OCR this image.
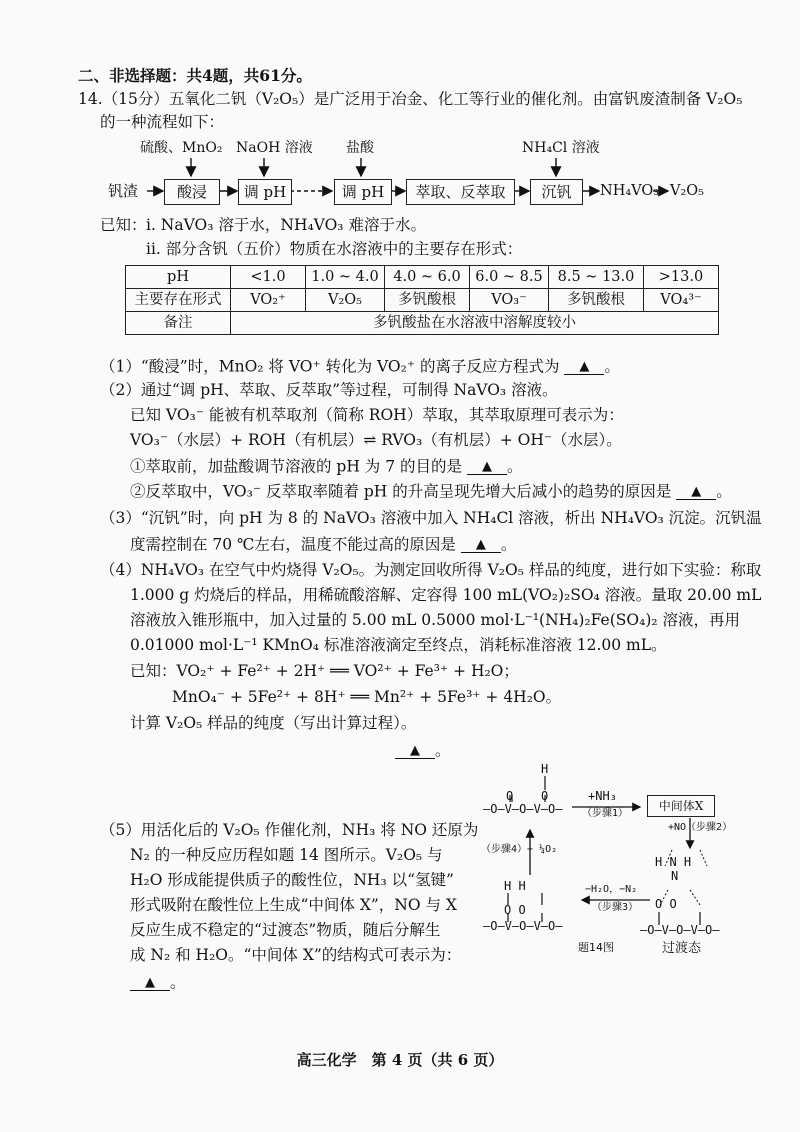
二、非选择题：共4题，共61分。
14.（15分）五氧化二钒（V₂O₅）是广泛用于冶金、化工等行业的催化剂。由富钒废渣制备 V₂O₅
的一种流程如下：
硫酸、MnO₂ NaOH 溶液 盐酸	NH₄Cl 溶液
钒渣	酸浸	调 pH	调 pH	萃取、反萃取	沉钒	NH₄VO₃ V₂O₅
已知： ⅰ. NaVO₃ 溶于水，NH₄VO₃ 难溶于水。
ⅱ. 部分含钒（五价）物质在水溶液中的主要存在形式：
pH	<1.0	1.0 ~ 4.0	4.0 ~ 6.0	6.0 ~ 8.5	8.5 ~ 13.0	>13.0
主要存在形式	VO₂⁺	V₂O₅	多钒酸根	VO₃⁻	多钒酸根	VO₄³⁻
备注	多钒酸盐在水溶液中溶解度较小					
（1）“酸浸”时，MnO₂ 将 VO⁺ 转化为 VO₂⁺ 的离子反应方程式为 ▲ 。
（2）通过“调 pH、萃取、反萃取”等过程，可制得 NaVO₃ 溶液。
已知 VO₃⁻ 能被有机萃取剂（简称 ROH）萃取，其萃取原理可表示为：
VO₃⁻（水层）+ ROH（有机层）⇌ RVO₃（有机层）+ OH⁻（水层）。
①萃取前，加盐酸调节溶液的 pH 为 7 的目的是 ▲ 。
②反萃取中，VO₃⁻ 反萃取率随着 pH 的升高呈现先增大后减小的趋势的原因是 ▲ 。
（3）“沉钒”时，向 pH 为 8 的 NaVO₃ 溶液中加入 NH₄Cl 溶液，析出 NH₄VO₃ 沉淀。沉钒温
度需控制在 70 ℃左右，温度不能过高的原因是 ▲ 。
（4）NH₄VO₃ 在空气中灼烧得 V₂O₅。为测定回收所得 V₂O₅ 样品的纯度，进行如下实验：称取
1.000 g 灼烧后的样品，用稀硫酸溶解、定容得 100 mL(VO₂)₂SO₄ 溶液。量取 20.00 mL
溶液放入锥形瓶中，加入过量的 5.00 mL 0.5000 mol·L⁻¹(NH₄)₂Fe(SO₄)₂ 溶液，再用
0.01000 mol·L⁻¹ KMnO₄ 标准溶液滴定至终点，消耗标准溶液 12.00 mL。
已知：VO₂⁺ + Fe²⁺ + 2H⁺ ══ VO²⁺ + Fe³⁺ + H₂O；
MnO₄⁻ + 5Fe²⁺ + 8H⁺ ══ Mn²⁺ + 5Fe³⁺ + 4H₂O。
计算 V₂O₅ 样品的纯度（写出计算过程）。
▲ 。
（5）用活化后的 V₂O₅ 作催化剂，NH₃ 将 NO 还原为
N₂ 的一种反应历程如题 14 图所示。V₂O₅ 与
H₂O 形成能提供质子的酸性位，NH₃ 以“氢键”
形式吸附在酸性位上生成“中间体 X”，NO 与 X
反应生成不稳定的“过渡态”物质，随后分解生
成 N₂ 和 H₂O。“中间体 X”的结构式可表示为：
▲ 。
H
O
O
–O–V–O–V–O–
+NH₃
（步骤1）
中间体X
+NO（步骤2）
H N H
N
O O
–O–V–O–V–O–
过渡态
−H₂O，−N₂
（步骤3）
（步骤4）+ ¼O₂
H H
O O
–O–V–O–V–O–
题14图
高三化学　第 4 页（共 6 页）
